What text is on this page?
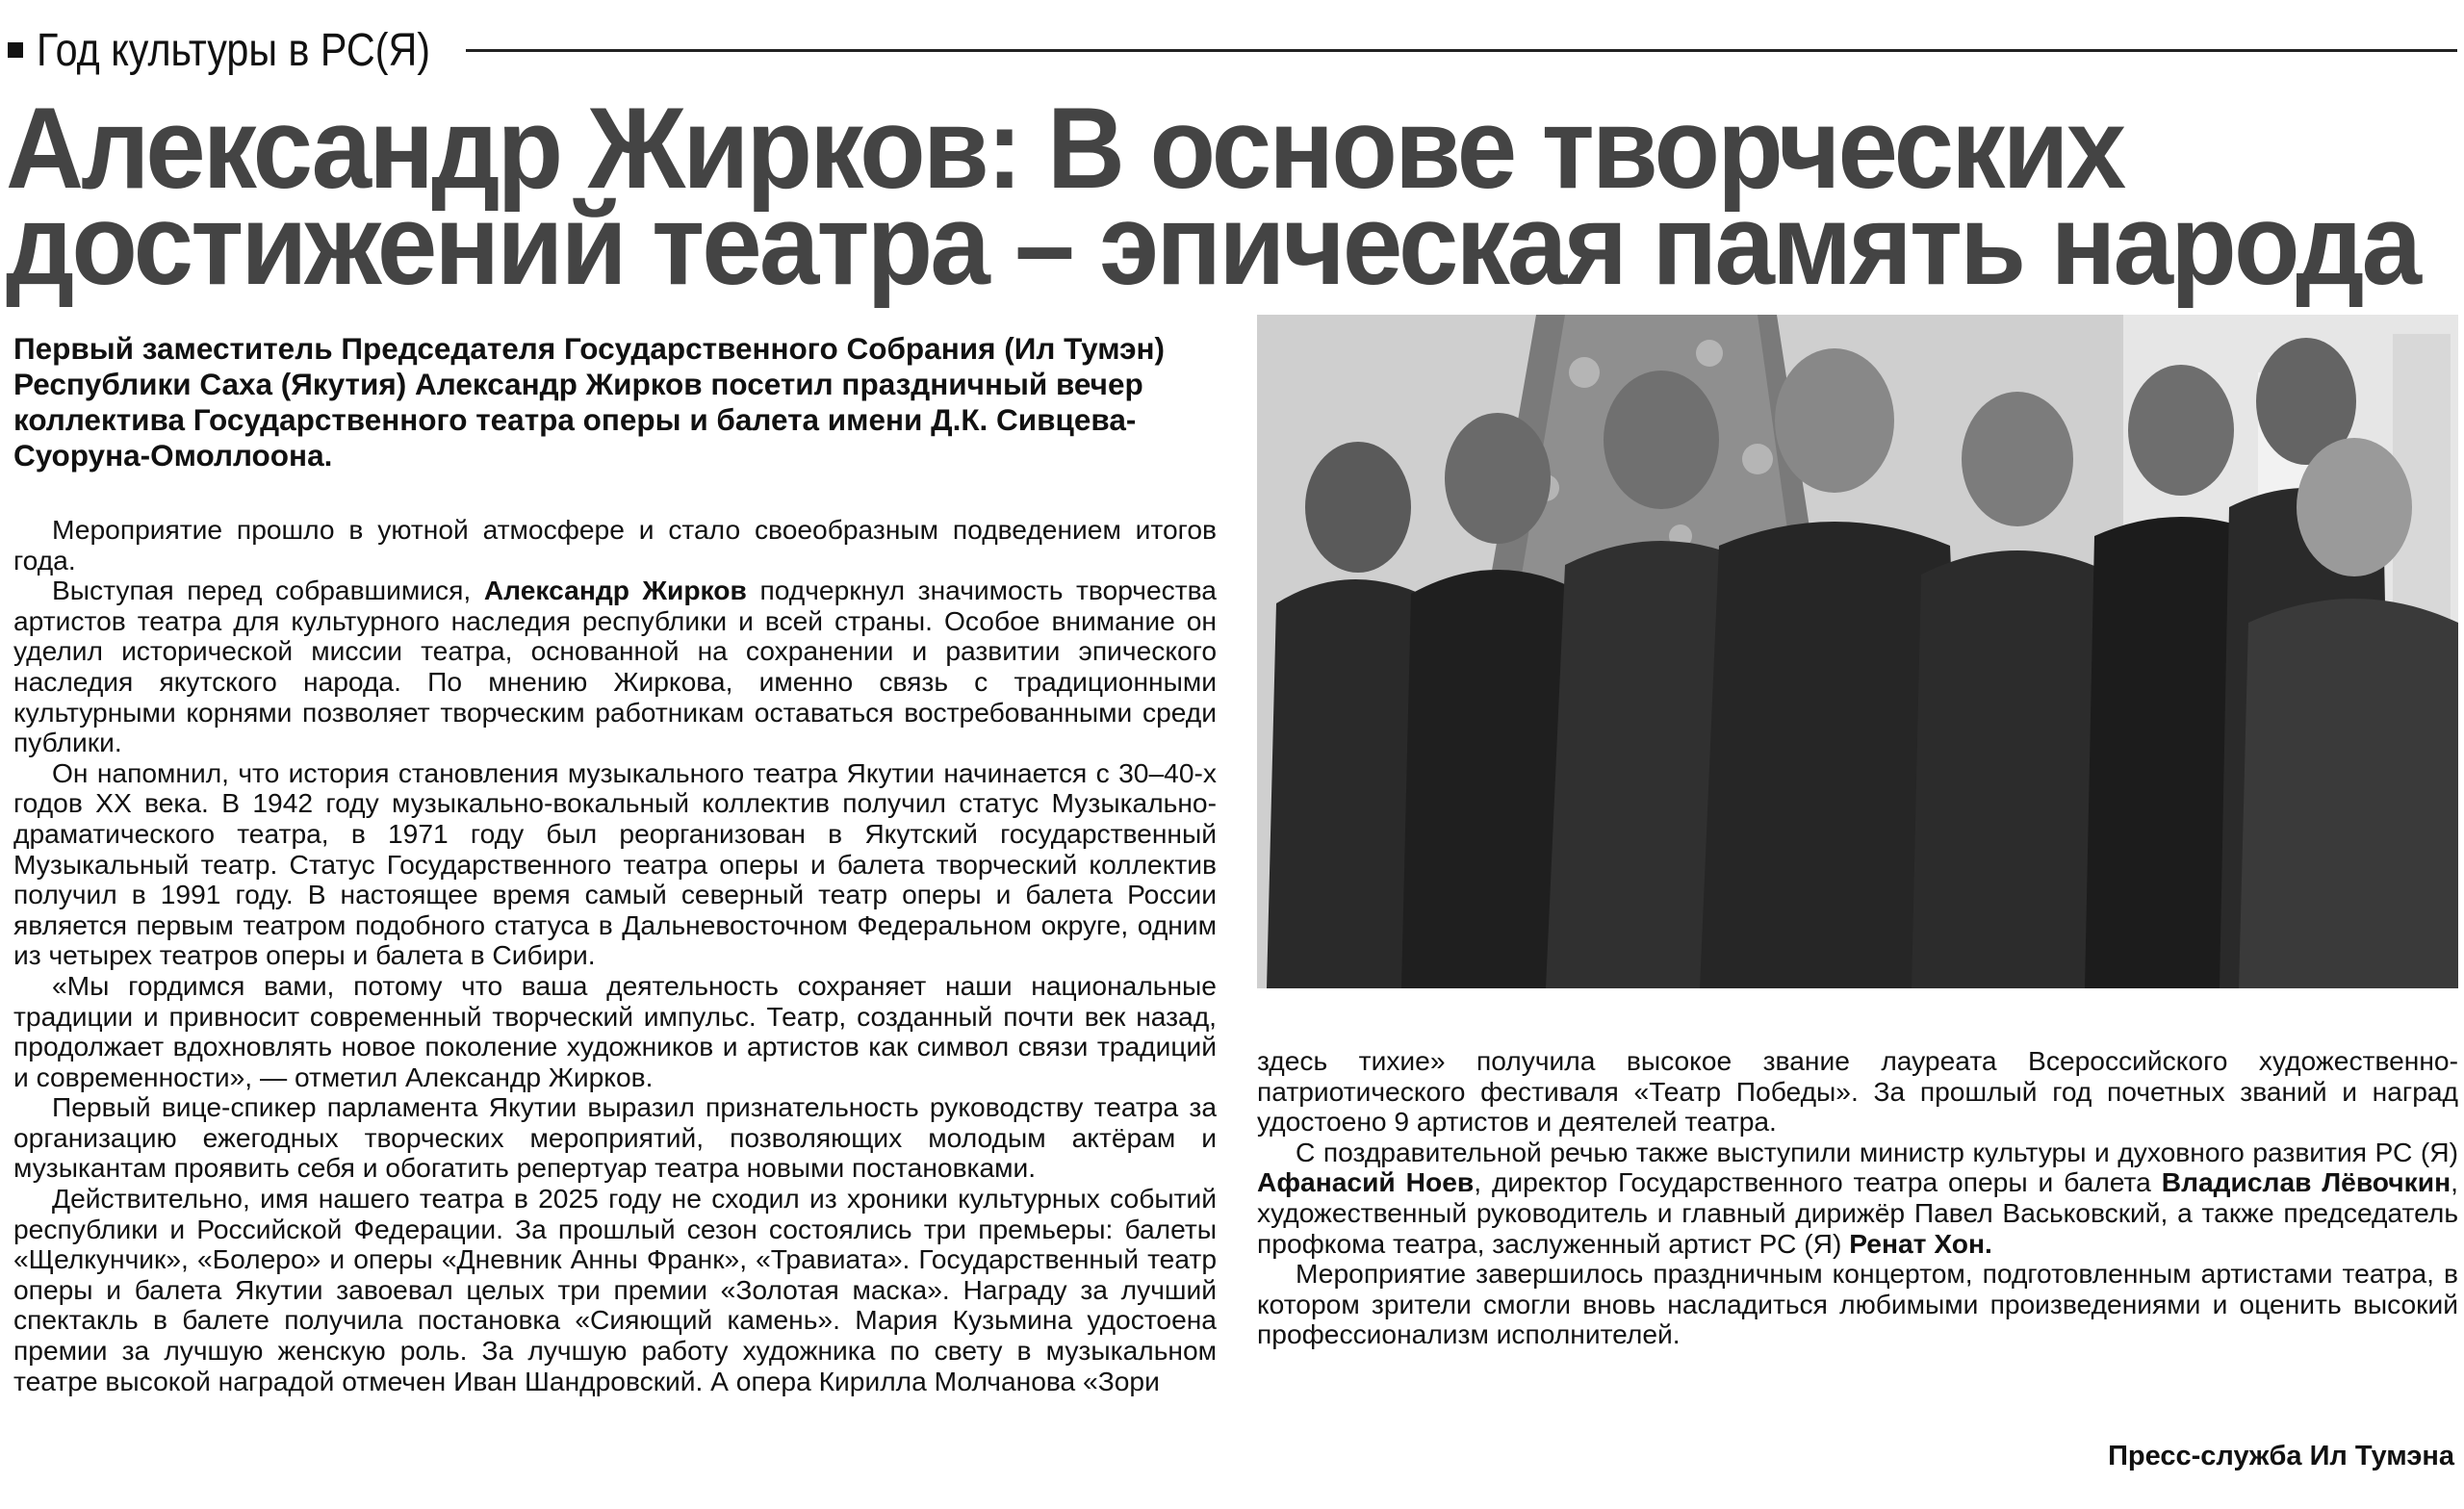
Год культуры в РС(Я)
Александр Жирков: В основе творческих
достижений театра – эпическая память народа

Первый заместитель Председателя Государственного Собрания (Ил Тумэн) Республики Саха (Якутия) Александр Жирков посетил праздничный вечер коллектива Государственного театра оперы и балета имени Д.К. Сивцева-Суоруна-Омоллоона.

Мероприятие прошло в уютной атмосфере и стало своеобразным подведением итогов года.

Выступая перед собравшимися, Александр Жирков подчеркнул значимость творчества артистов театра для культурного наследия республики и всей страны. Особое внимание он уделил исторической миссии театра, основанной на сохранении и развитии эпического наследия якутского народа. По мнению Жиркова, именно связь с традиционными культурными корнями позволяет творческим работникам оставаться востребованными среди публики.

Он напомнил, что история становления музыкального театра Якутии начинается с 30–40-х годов XX века. В 1942 году музыкально-вокальный коллектив получил статус Музыкально-драматического театра, в 1971 году был реорганизован в Якутский государственный Музыкальный театр. Статус Государственного театра оперы и балета творческий коллектив получил в 1991 году. В настоящее время самый северный театр оперы и балета России является первым театром подобного статуса в Дальневосточном Федеральном округе, одним из четырех театров оперы и балета в Сибири.

«Мы гордимся вами, потому что ваша деятельность сохраняет наши национальные традиции и привносит современный творческий импульс. Театр, созданный почти век назад, продолжает вдохновлять новое поколение художников и артистов как символ связи традиций и современности», — отметил Александр Жирков.

Первый вице-спикер парламента Якутии выразил признательность руководству театра за организацию ежегодных творческих мероприятий, позволяющих молодым актёрам и музыкантам проявить себя и обогатить репертуар театра новыми постановками.

Действительно, имя нашего театра в 2025 году не сходил из хроники культурных событий республики и Российской Федерации. За прошлый сезон состоялись три премьеры: балеты «Щелкунчик», «Болеро» и оперы «Дневник Анны Франк», «Травиата». Государственный театр оперы и балета Якутии завоевал целых три премии «Золотая маска». Награду за лучший спектакль в балете получила постановка «Сияющий камень». Мария Кузьмина удостоена премии за лучшую женскую роль. За лучшую работу художника по свету в музыкальном театре высокой наградой отмечен Иван Шандровский. А опера Кирилла Молчанова «Зори

здесь тихие» получила высокое звание лауреата Всероссийского художественно-патриотического фестиваля «Театр Победы». За прошлый год почетных званий и наград удостоено 9 артистов и деятелей театра.

С поздравительной речью также выступили министр культуры и духовного развития РС (Я) Афанасий Ноев, директор Государственного театра оперы и балета Владислав Лёвочкин, художественный руководитель и главный дирижёр Павел Васьковский, а также председатель профкома театра, заслуженный артист РС (Я) Ренат Хон.

Мероприятие завершилось праздничным концертом, подготовленным артистами театра, в котором зрители смогли вновь насладиться любимыми произведениями и оценить высокий профессионализм исполнителей.

Пресс-служба Ил Тумэна
